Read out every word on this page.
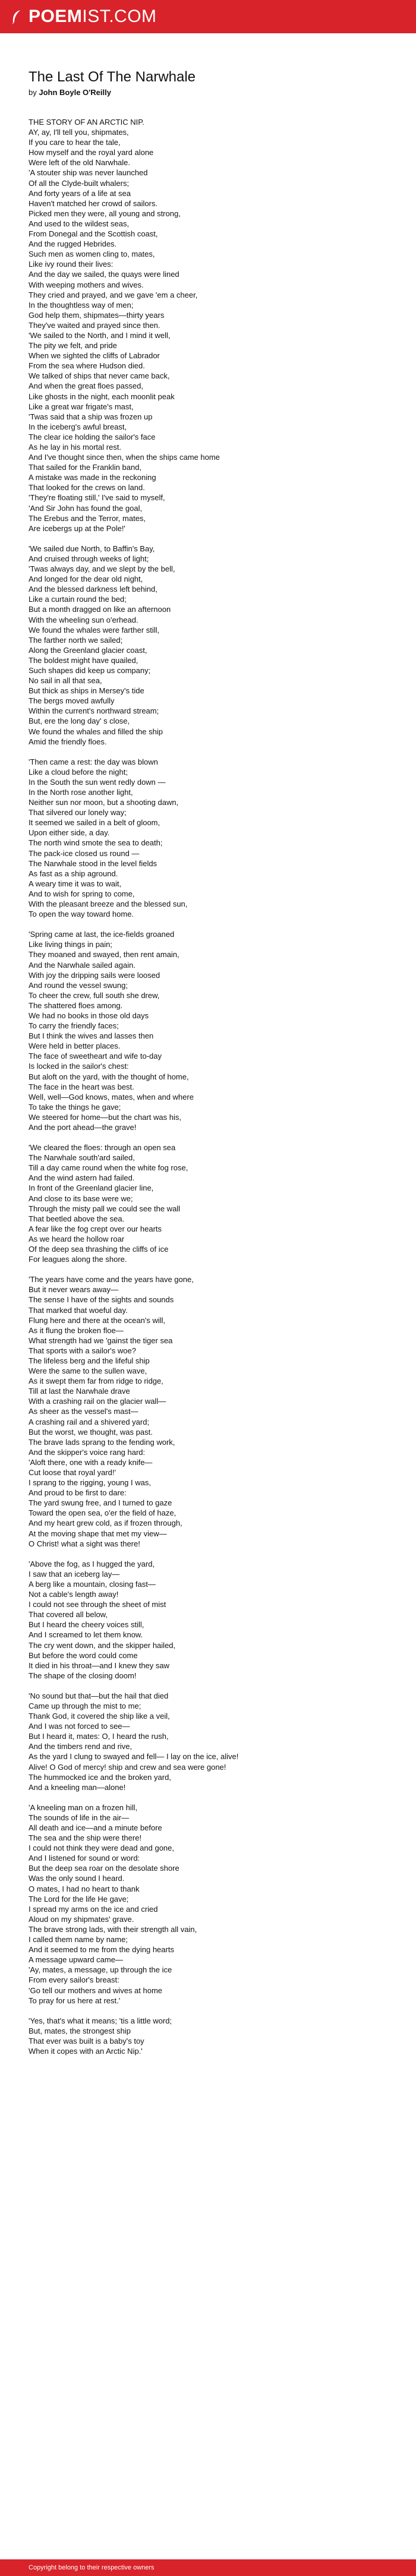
POEM IST.COM
The Last Of The Narwhale
by John Boyle O'Reilly
THE STORY OF AN ARCTIC NIP.
AY, ay, I'll tell you, shipmates,
If you care to hear the tale,
How myself and the royal yard alone
Were left of the old Narwhale.
'A stouter ship was never launched
Of all the Clyde-built whalers;
And forty years of a life at sea
Haven't matched her crowd of sailors.
Picked men they were, all young and strong,
And used to the wildest seas,
From Donegal and the Scottish coast,
And the rugged Hebrides.
Such men as women cling to, mates,
Like ivy round their lives:
And the day we sailed, the quays were lined
With weeping mothers and wives.
They cried and prayed, and we gave 'em a cheer,
In the thoughtless way of men;
God help them, shipmates—thirty years
They've waited and prayed since then.
'We sailed to the North, and I mind it well,
The pity we felt, and pride
When we sighted the cliffs of Labrador
From the sea where Hudson died.
We talked of ships that never came back,
And when the great floes passed,
Like ghosts in the night, each moonlit peak
Like a great war frigate's mast,
'Twas said that a ship was frozen up
In the iceberg's awful breast,
The clear ice holding the sailor's face
As he lay in his mortal rest.
And I've thought since then, when the ships came home
That sailed for the Franklin band,
A mistake was made in the reckoning
That looked for the crews on land.
'They're floating still,' I've said to myself,
'And Sir John has found the goal,
The Erebus and the Terror, mates,
Are icebergs up at the Pole!'
'We sailed due North, to Baffin's Bay,
And cruised through weeks of light;
'Twas always day, and we slept by the bell,
And longed for the dear old night,
And the blessed darkness left behind,
Like a curtain round the bed;
But a month dragged on like an afternoon
With the wheeling sun o'erhead.
We found the whales were farther still,
The farther north we sailed;
Along the Greenland glacier coast,
The boldest might have quailed,
Such shapes did keep us company;
No sail in all that sea,
But thick as ships in Mersey's tide
The bergs moved awfully
Within the current's northward stream;
But, ere the long day' s close,
We found the whales and filled the ship
Amid the friendly floes.
'Then came a rest: the day was blown
Like a cloud before the night;
In the South the sun went redly down —
In the North rose another light,
Neither sun nor moon, but a shooting dawn,
That silvered our lonely way;
It seemed we sailed in a belt of gloom,
Upon either side, a day.
The north wind smote the sea to death;
The pack-ice closed us round —
The Narwhale stood in the level fields
As fast as a ship aground.
A weary time it was to wait,
And to wish for spring to come,
With the pleasant breeze and the blessed sun,
To open the way toward home.
'Spring came at last, the ice-fields groaned
Like living things in pain;
They moaned and swayed, then rent amain,
And the Narwhale sailed again.
With joy the dripping sails were loosed
And round the vessel swung;
To cheer the crew, full south she drew,
The shattered floes among.
We had no books in those old days
To carry the friendly faces;
But I think the wives and lasses then
Were held in better places.
The face of sweetheart and wife to-day
Is locked in the sailor's chest:
But aloft on the yard, with the thought of home,
The face in the heart was best.
Well, well—God knows, mates, when and where
To take the things he gave;
We steered for home—but the chart was his,
And the port ahead—the grave!
'We cleared the floes: through an open sea
The Narwhale south'ard sailed,
Till a day came round when the white fog rose,
And the wind astern had failed.
In front of the Greenland glacier line,
And close to its base were we;
Through the misty pall we could see the wall
That beetled above the sea.
A fear like the fog crept over our hearts
As we heard the hollow roar
Of the deep sea thrashing the cliffs of ice
For leagues along the shore.
'The years have come and the years have gone,
But it never wears away—
The sense I have of the sights and sounds
That marked that woeful day.
Flung here and there at the ocean's will,
As it flung the broken floe—
What strength had we 'gainst the tiger sea
That sports with a sailor's woe?
The lifeless berg and the lifeful ship
Were the same to the sullen wave,
As it swept them far from ridge to ridge,
Till at last the Narwhale drave
With a crashing rail on the glacier wall—
As sheer as the vessel's mast—
A crashing rail and a shivered yard;
But the worst, we thought, was past.
The brave lads sprang to the fending work,
And the skipper's voice rang hard:
'Aloft there, one with a ready knife—
Cut loose that royal yard!'
I sprang to the rigging, young I was,
And proud to be first to dare:
The yard swung free, and I turned to gaze
Toward the open sea, o'er the field of haze,
And my heart grew cold, as if frozen through,
At the moving shape that met my view—
O Christ! what a sight was there!
'Above the fog, as I hugged the yard,
I saw that an iceberg lay—
A berg like a mountain, closing fast—
Not a cable's length away!
I could not see through the sheet of mist
That covered all below,
But I heard the cheery voices still,
And I screamed to let them know.
The cry went down, and the skipper hailed,
But before the word could come
It died in his throat—and I knew they saw
The shape of the closing doom!
'No sound but that—but the hail that died
Came up through the mist to me;
Thank God, it covered the ship like a veil,
And I was not forced to see—
But I heard it, mates: O, I heard the rush,
And the timbers rend and rive,
As the yard I clung to swayed and fell— I lay on the ice, alive!
Alive! O God of mercy! ship and crew and sea were gone!
The hummocked ice and the broken yard,
And a kneeling man—alone!
'A kneeling man on a frozen hill,
The sounds of life in the air—
All death and ice—and a minute before
The sea and the ship were there!
I could not think they were dead and gone,
And I listened for sound or word:
But the deep sea roar on the desolate shore
Was the only sound I heard.
O mates, I had no heart to thank
The Lord for the life He gave;
I spread my arms on the ice and cried
Aloud on my shipmates' grave.
The brave strong lads, with their strength all vain,
I called them name by name;
And it seemed to me from the dying hearts
A message upward came—
'Ay, mates, a message, up through the ice
From every sailor's breast:
'Go tell our mothers and wives at home
To pray for us here at rest.'
'Yes, that's what it means; 'tis a little word;
But, mates, the strongest ship
That ever was built is a baby's toy
When it copes with an Arctic Nip.'
Copyright belong to their respective owners
